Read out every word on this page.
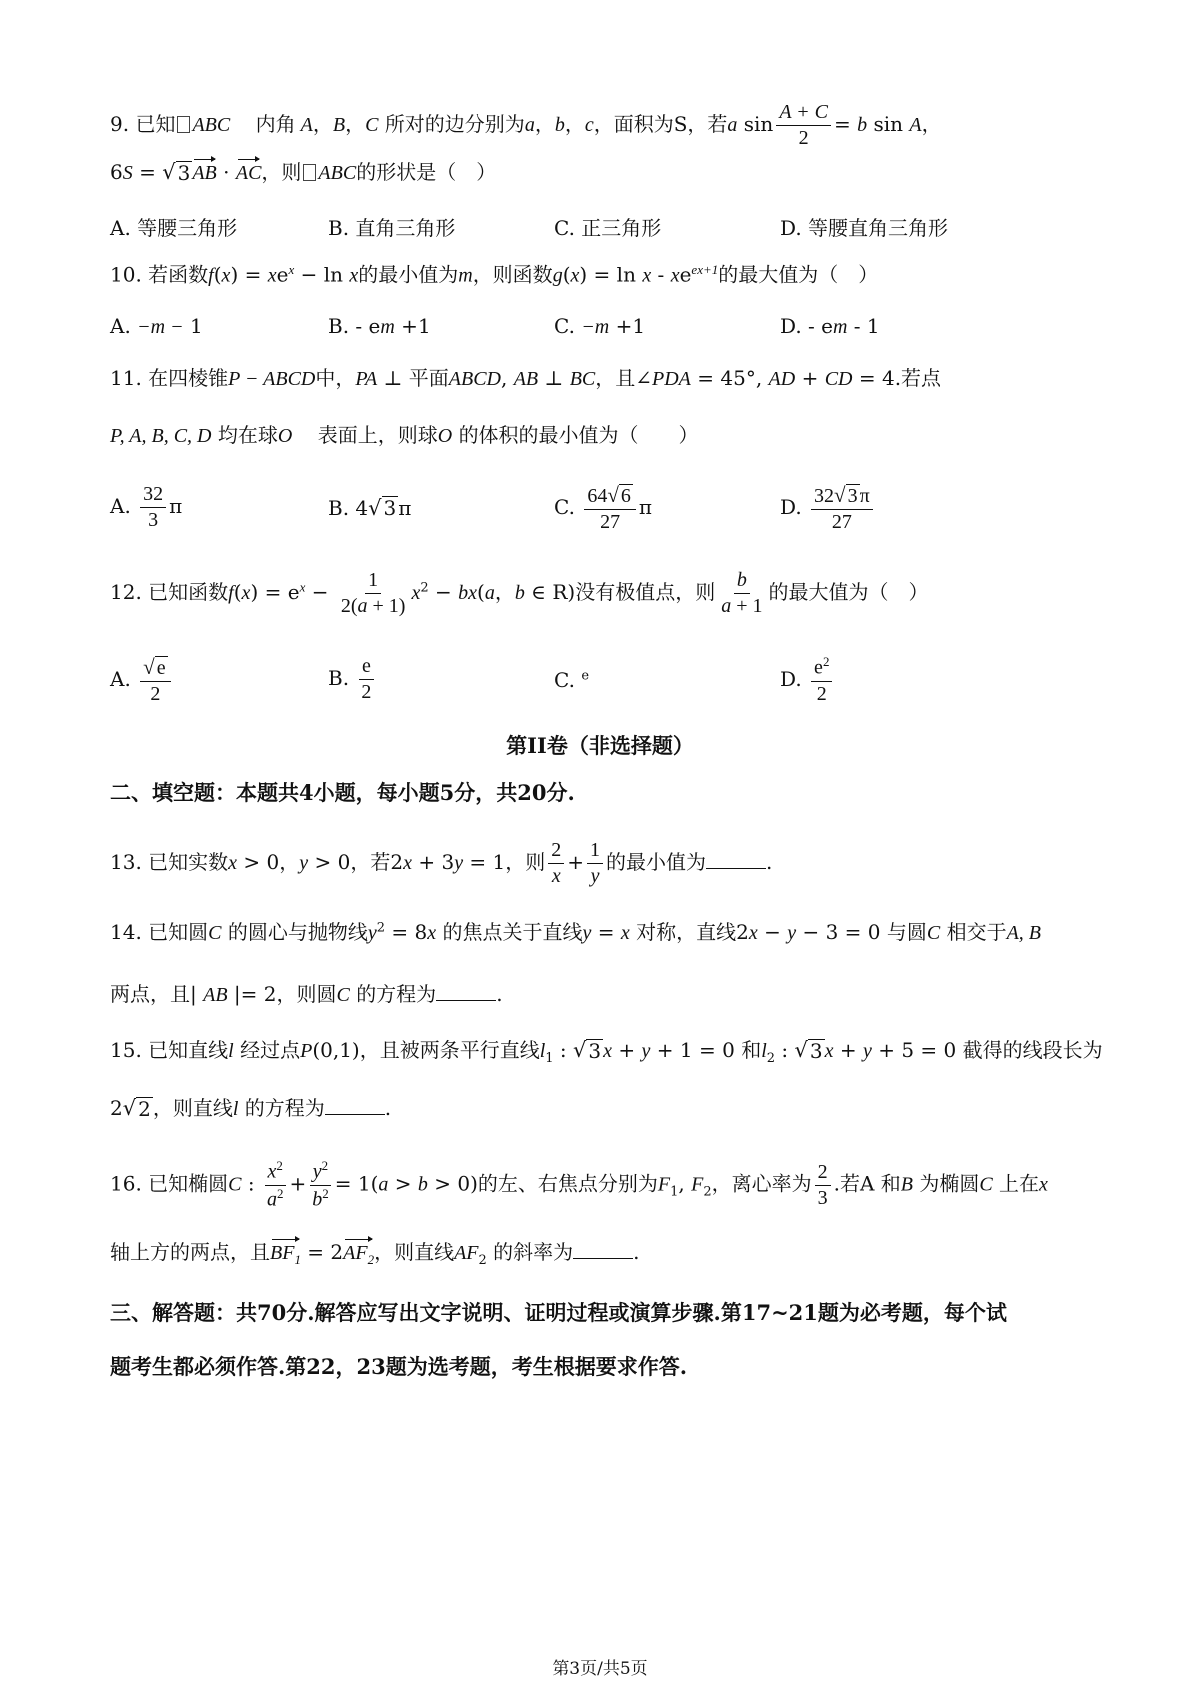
9. 已知 ABC 内角 A，B，C 所对的边分别为a，b，c，面积为S，若a $\sin \frac{A + C}{2} = b$ sin A，
6S = √ 3 AB · AC，则 ABC的形状是（　）
A. 等腰三角形	B. 直角三角形	C. 正三角形	D. 等腰直角三角形
10. 若函数$f(x) = xe^x - \ln x$的最小值为m，则函数$g(x) = \ln x - xe^{ex+1}$的最大值为（　）
A. −m − 1	B. - em +1	C. −m +1	D. - em - 1
11. 在四棱锥P − ABCD中，PA ⊥ 平面ABCD, AB ⊥ BC，且∠PDA = 45°, AD + CD = 4.若点
P, A, B, C, D 均在球O 表面上，则球O 的体积的最小值为（　　）
A. $\frac{32}{3}$ π	B. 4 √ 3 π	C. $\frac{64 √ 6}{27}$ π	D. $\frac{32 √ 3 \pi}{27}$
12. 已知函数$f(x) = e^x - \frac{1}{2(a + 1)} x^2 - bx(a$，b ∈ R)没有极值点，则 $\frac{b}{a + 1}$ 的最大值为（　）
A. $\frac{√ e}{2}$	B. $\frac{e}{2}$	C. $^e$	D. $\frac{e^2}{2}$
第II卷（非选择题）
二、填空题：本题共4小题，每小题5分，共20分.
13. 已知实数x > 0，y > 0，若2x + 3y = 1，则 $\frac{2}{x} + \frac{1}{y}$ 的最小值为	.
14. 已知圆C 的圆心与抛物线$y^2 = 8x$ 的焦点关于直线y = x 对称，直线2x − y − 3 = 0 与圆C 相交于A, B
两点，且| AB |= 2，则圆C 的方程为	.
15. 已知直线l 经过点P(0,1)，且被两条平行直线$l_1$ : √ 3 x + y + 1 = 0 和$l_2$ : √ 3 x + y + 5 = 0 截得的线段长为
2 √ 2 ，则直线l 的方程为	.
16. 已知椭圆C : $\frac{x^2}{a^2} + \frac{y^2}{b^2} = 1(a > b > 0)$的左、右焦点分别为$F_1$, $F_2$，离心率为 $\frac{2}{3}$ .若A 和B 为椭圆C 上在x
轴上方的两点，且$BF_1 = 2AF_2$，则直线$AF_2$ 的斜率为	.
三、解答题：共70分.解答应写出文字说明、证明过程或演算步骤.第17~21题为必考题，每个试
题考生都必须作答.第22，23题为选考题，考生根据要求作答.
第3页/共5页
